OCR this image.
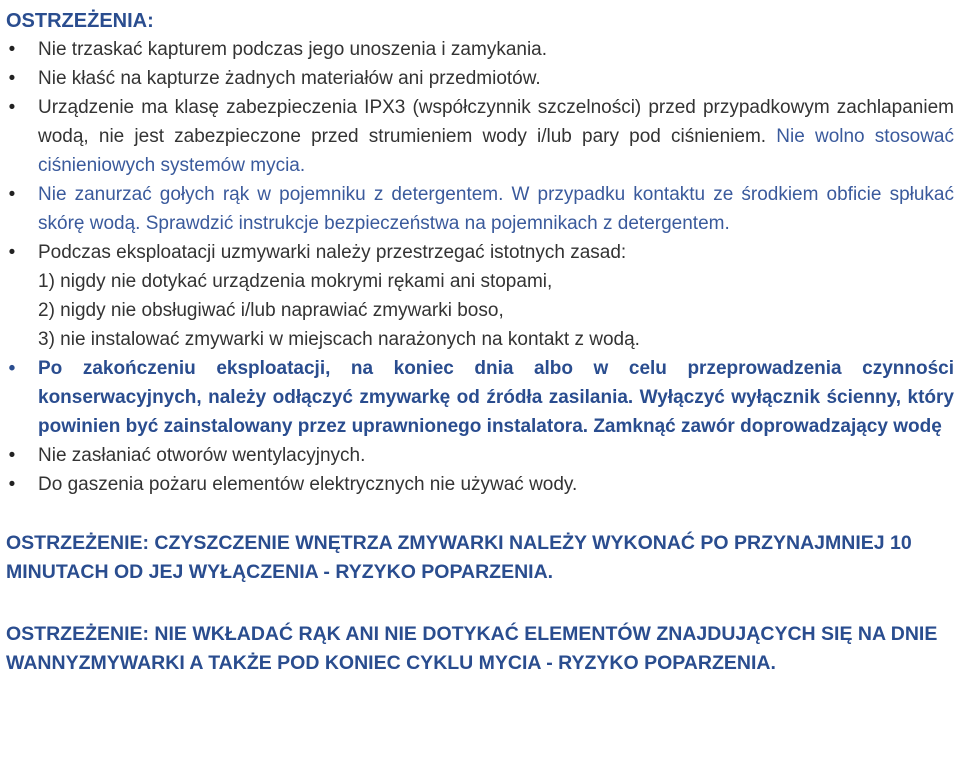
OSTRZEŻENIA:
• Nie trzaskać kapturem podczas jego unoszenia i zamykania.
• Nie kłaść na kapturze żadnych materiałów ani przedmiotów.
• Urządzenie ma klasę zabezpieczenia IPX3 (współczynnik szczelności) przed przypadkowym zachlapaniem wodą, nie jest zabezpieczone przed strumieniem wody i/lub pary pod ciśnieniem. Nie wolno stosować ciśnieniowych systemów mycia.
• Nie zanurzać gołych rąk w pojemniku z detergentem. W przypadku kontaktu ze środkiem obficie spłukać skórę wodą. Sprawdzić instrukcje bezpieczeństwa na pojemnikach z detergentem.
• Podczas eksploatacji uzmywarki należy przestrzegać istotnych zasad:
1) nigdy nie dotykać urządzenia mokrymi rękami ani stopami,
2) nigdy nie obsługiwać i/lub naprawiać zmywarki boso,
3) nie instalować zmywarki w miejscach narażonych na kontakt z wodą.
• Po zakończeniu eksploatacji, na koniec dnia albo w celu przeprowadzenia czynności konserwacyjnych, należy odłączyć zmywarkę od źródła zasilania. Wyłączyć wyłącznik ścienny, który powinien być zainstalowany przez uprawnionego instalatora. Zamknąć zawór doprowadzający wodę
• Nie zasłaniać otworów wentylacyjnych.
• Do gaszenia pożaru elementów elektrycznych nie używać wody.

OSTRZEŻENIE: CZYSZCZENIE WNĘTRZA ZMYWARKI NALEŻY WYKONAĆ PO PRZYNAJMNIEJ 10 MINUTACH OD JEJ WYŁĄCZENIA - RYZYKO POPARZENIA.

OSTRZEŻENIE: NIE WKŁADAĆ RĄK ANI NIE DOTYKAĆ ELEMENTÓW ZNAJDUJĄCYCH SIĘ NA DNIE WANNYZMYWARKI A TAKŻE POD KONIEC CYKLU MYCIA - RYZYKO POPARZENIA.
